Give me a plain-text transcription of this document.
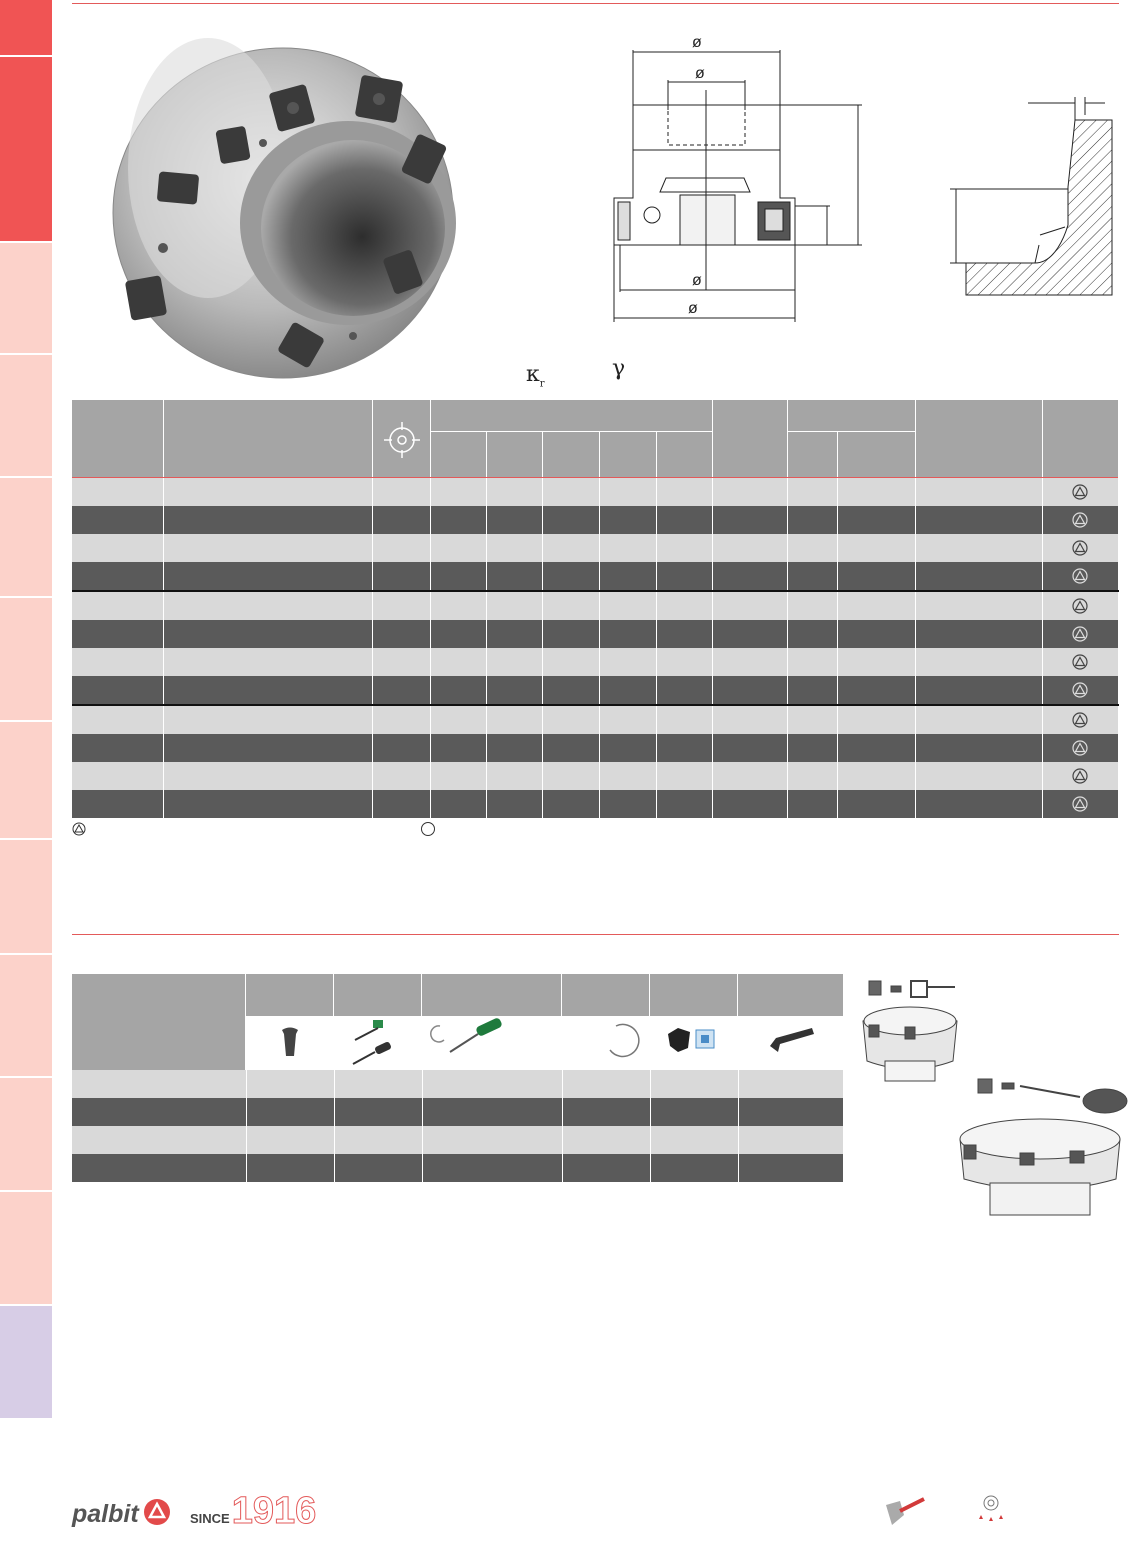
ø
ø
ø
ø
$\kappa_r$
γ

palbit	SINCE 1916
